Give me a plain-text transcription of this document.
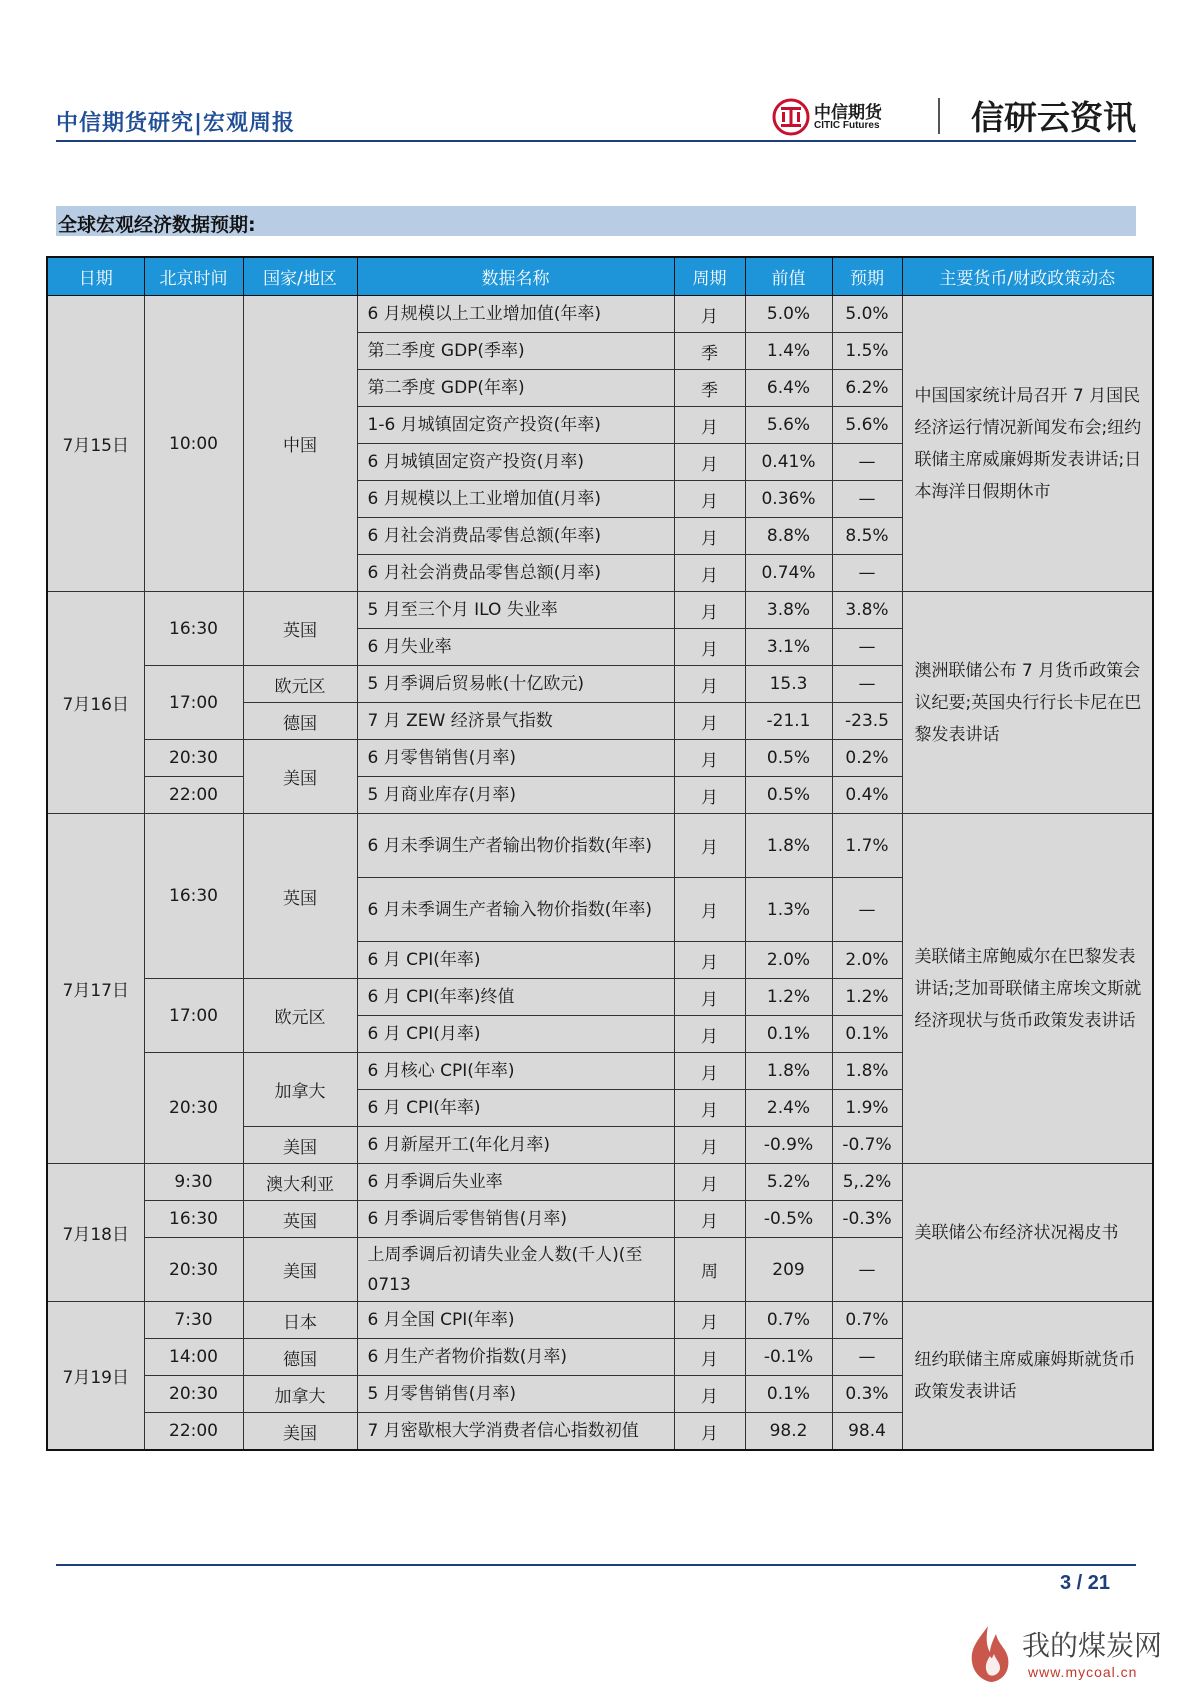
中信期货研究|宏观周报	中信期货
CITIC Futures	信研云资讯
全球宏观经济数据预期:
日期	北京时间	国家/地区	数据名称	周期	前值	预期	主要货币/财政政策动态
7月15日	10:00	中国	6 月规模以上工业增加值(年率)	月	5.0%	5.0%	中国国家统计局召开 7 月国民经济运行情况新闻发布会;纽约联储主席威廉姆斯发表讲话;日本海洋日假期休市
			第二季度 GDP(季率)	季	1.4%	1.5%	
			第二季度 GDP(年率)	季	6.4%	6.2%	
			1-6 月城镇固定资产投资(年率)	月	5.6%	5.6%	
			6 月城镇固定资产投资(月率)	月	0.41%	—	
			6 月规模以上工业增加值(月率)	月	0.36%	—	
			6 月社会消费品零售总额(年率)	月	8.8%	8.5%	
			6 月社会消费品零售总额(月率)	月	0.74%	—	
7月16日	16:30	英国	5 月至三个月 ILO 失业率	月	3.8%	3.8%	澳洲联储公布 7 月货币政策会议纪要;英国央行行长卡尼在巴黎发表讲话
			6 月失业率	月	3.1%	—	
	17:00	欧元区	5 月季调后贸易帐(十亿欧元)	月	15.3	—	
		德国	7 月 ZEW 经济景气指数	月	-21.1	-23.5	
	20:30	美国	6 月零售销售(月率)	月	0.5%	0.2%	
	22:00		5 月商业库存(月率)	月	0.5%	0.4%	
7月17日	16:30	英国	6 月未季调生产者输出物价指数(年率)	月	1.8%	1.7%	美联储主席鲍威尔在巴黎发表讲话;芝加哥联储主席埃文斯就经济现状与货币政策发表讲话
			6 月未季调生产者输入物价指数(年率)	月	1.3%	—	
			6 月 CPI(年率)	月	2.0%	2.0%	
	17:00	欧元区	6 月 CPI(年率)终值	月	1.2%	1.2%	
			6 月 CPI(月率)	月	0.1%	0.1%	
	20:30	加拿大	6 月核心 CPI(年率)	月	1.8%	1.8%	
			6 月 CPI(年率)	月	2.4%	1.9%	
		美国	6 月新屋开工(年化月率)	月	-0.9%	-0.7%	
7月18日	9:30	澳大利亚	6 月季调后失业率	月	5.2%	5,.2%	美联储公布经济状况褐皮书
	16:30	英国	6 月季调后零售销售(月率)	月	-0.5%	-0.3%	
	20:30	美国	上周季调后初请失业金人数(千人)(至 0713	周	209	—	
7月19日	7:30	日本	6 月全国 CPI(年率)	月	0.7%	0.7%	纽约联储主席威廉姆斯就货币政策发表讲话
	14:00	德国	6 月生产者物价指数(月率)	月	-0.1%	—	
	20:30	加拿大	5 月零售销售(月率)	月	0.1%	0.3%	
	22:00	美国	7 月密歇根大学消费者信心指数初值	月	98.2	98.4	
3 / 21
我的煤炭网
www.mycoal.cn
